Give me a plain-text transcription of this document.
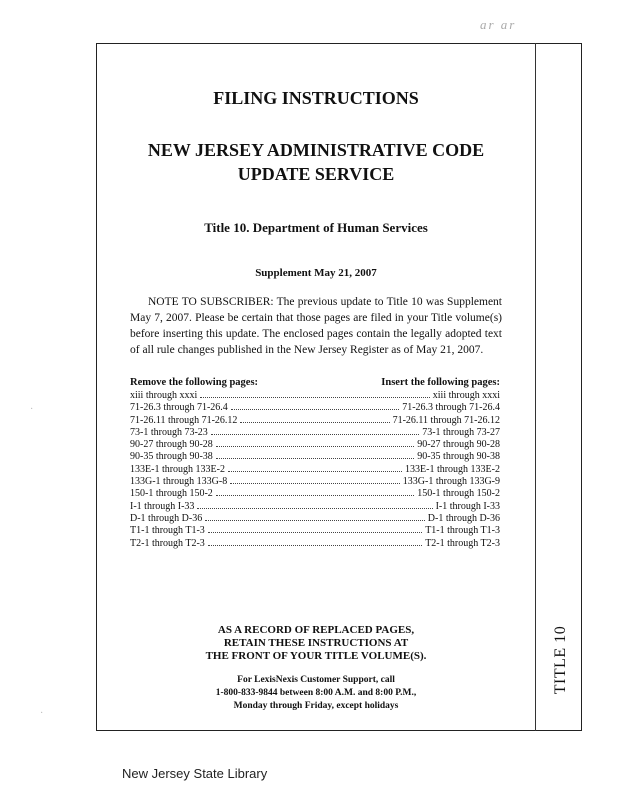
ar ar
·
·
TITLE 10
FILING INSTRUCTIONS
NEW JERSEY ADMINISTRATIVE CODE
UPDATE SERVICE
Title 10. Department of Human Services
Supplement May 21, 2007
NOTE TO SUBSCRIBER: The previous update to Title 10 was Supplement May 7, 2007. Please be certain that those pages are filed in your Title volume(s) before inserting this update. The enclosed pages contain the legally adopted text of all rule changes published in the New Jersey Register as of May 21, 2007.
Remove the following pages:	Insert the following pages:
xiii through xxxi	xiii through xxxi
71-26.3 through 71-26.4	71-26.3 through 71-26.4
71-26.11 through 71-26.12	71-26.11 through 71-26.12
73-1 through 73-23	73-1 through 73-27
90-27 through 90-28	90-27 through 90-28
90-35 through 90-38	90-35 through 90-38
133E-1 through 133E-2	133E-1 through 133E-2
133G-1 through 133G-8	133G-1 through 133G-9
150-1 through 150-2	150-1 through 150-2
I-1 through I-33	I-1 through I-33
D-1 through D-36	D-1 through D-36
T1-1 through T1-3	T1-1 through T1-3
T2-1 through T2-3	T2-1 through T2-3
AS A RECORD OF REPLACED PAGES,
RETAIN THESE INSTRUCTIONS AT
THE FRONT OF YOUR TITLE VOLUME(S).
For LexisNexis Customer Support, call
1-800-833-9844 between 8:00 A.M. and 8:00 P.M.,
Monday through Friday, except holidays
New Jersey State Library
